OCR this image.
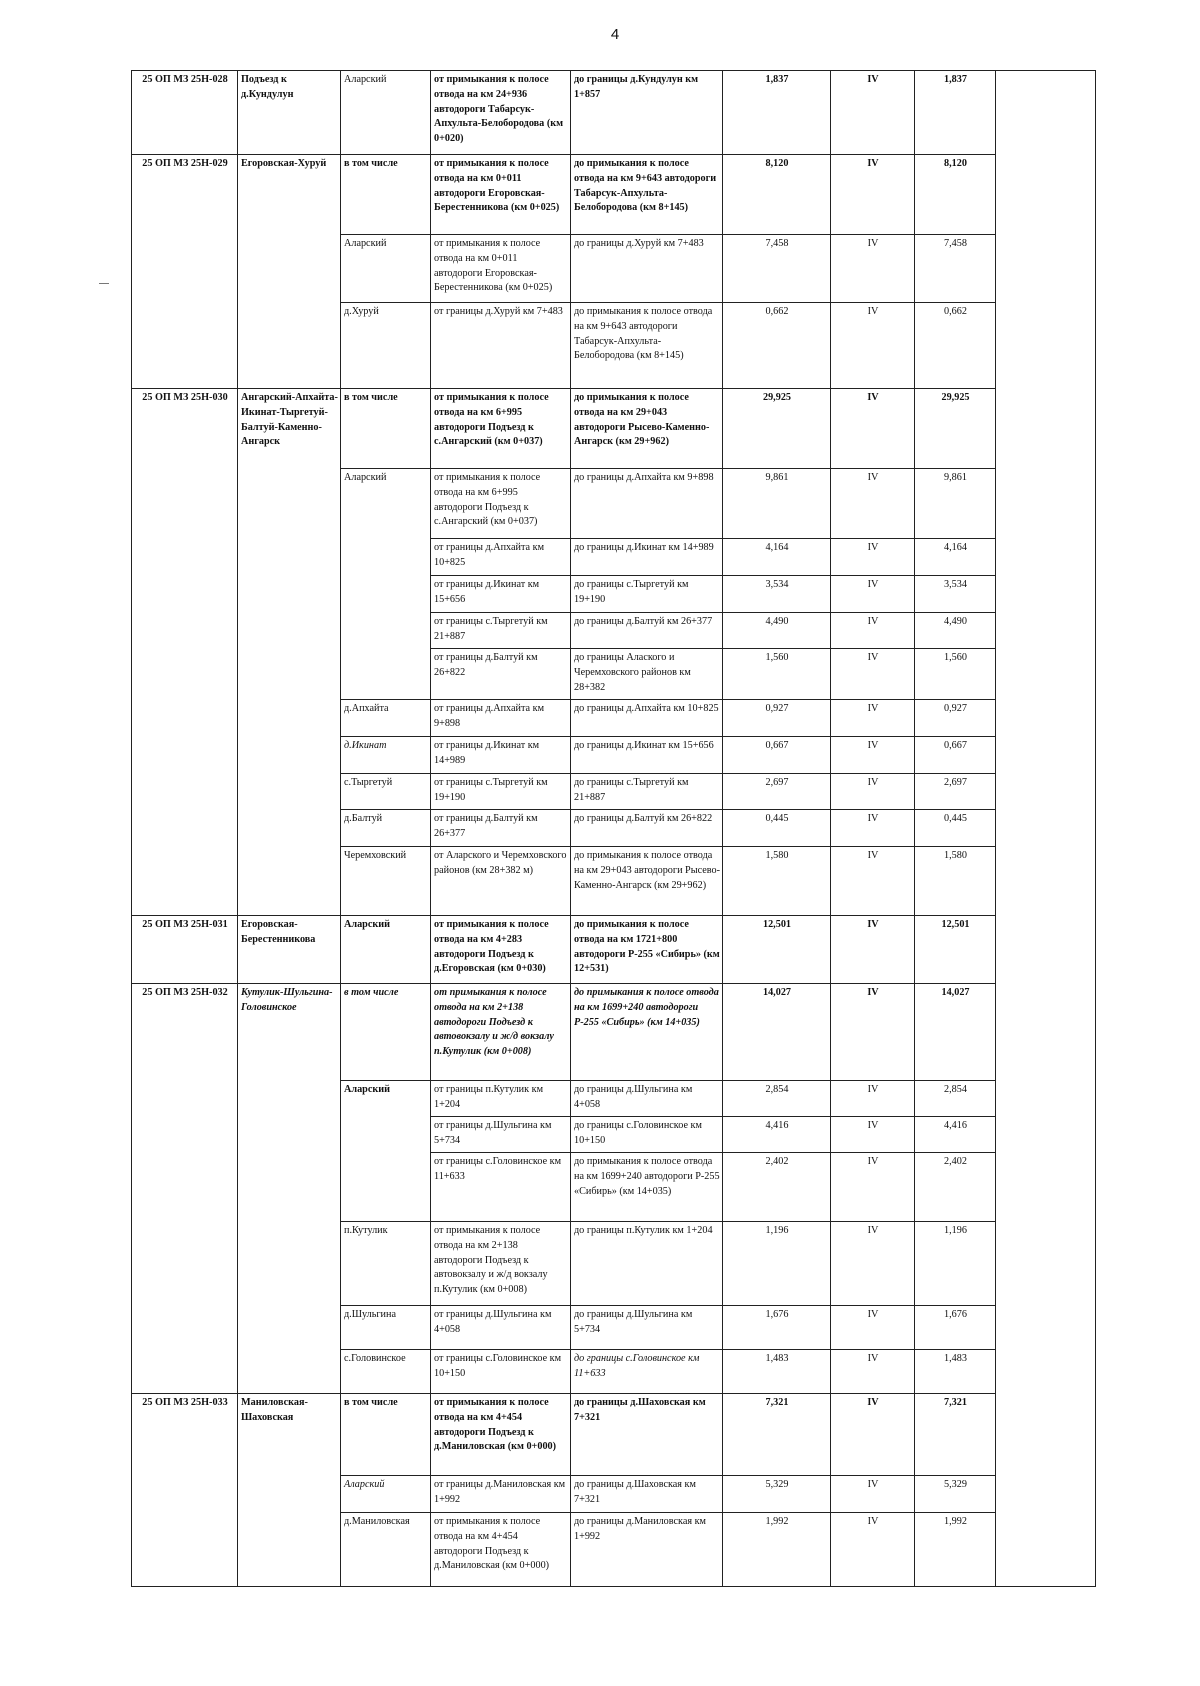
4
25 ОП МЗ 25Н-028	Подъезд к д.Кундулун	Аларский	от примыкания к полосе отвода на км 24+936 автодороги Табарсук-Апхульта-Белобородова (км 0+020)	до границы д.Кундулун км 1+857	1,837	IV	1,837	
25 ОП МЗ 25Н-029	Егоровская-Хуруй	в том числе	от примыкания к полосе отвода на км 0+011 автодороги Егоровская-Берестенникова (км 0+025)	до примыкания к полосе отвода на км 9+643 автодороги Табарсук-Апхульта-Белобородова (км 8+145)	8,120	IV	8,120	
		Аларский	от примыкания к полосе отвода на км 0+011 автодороги Егоровская-Берестенникова (км 0+025)	до границы д.Хуруй км 7+483	7,458	IV	7,458	
		д.Хуруй	от границы д.Хуруй км 7+483	до примыкания к полосе отвода на км 9+643 автодороги Табарсук-Апхульта-Белобородова (км 8+145)	0,662	IV	0,662	
25 ОП МЗ 25Н-030	Ангарский-Апхайта-Икинат-Тыргетуй-Балтуй-Каменно-Ангарск	в том числе	от примыкания к полосе отвода на км 6+995 автодороги Подъезд к с.Ангарский (км 0+037)	до примыкания к полосе отвода на км 29+043 автодороги Рысево-Каменно-Ангарск (км 29+962)	29,925	IV	29,925	
		Аларский	от примыкания к полосе отвода на км 6+995 автодороги Подъезд к с.Ангарский (км 0+037)	до границы д.Апхайта км 9+898	9,861	IV	9,861	
			от границы д.Апхайта км 10+825	до границы д.Икинат км 14+989	4,164	IV	4,164	
			от границы д.Икинат км 15+656	до границы с.Тыргетуй км 19+190	3,534	IV	3,534	
			от границы с.Тыргетуй км 21+887	до границы д.Балтуй км 26+377	4,490	IV	4,490	
			от границы д.Балтуй км 26+822	до границы Алаского и Черемховского районов км 28+382	1,560	IV	1,560	
		д.Апхайта	от границы д.Апхайта км 9+898	до границы д.Апхайта км 10+825	0,927	IV	0,927	
		д.Икинат	от границы д.Икинат км 14+989	до границы д.Икинат км 15+656	0,667	IV	0,667	
		с.Тыргетуй	от границы с.Тыргетуй км 19+190	до границы с.Тыргетуй км 21+887	2,697	IV	2,697	
		д.Балтуй	от границы д.Балтуй км 26+377	до границы д.Балтуй км 26+822	0,445	IV	0,445	
		Черемховский	от Аларского и Черемховского районов (км 28+382 м)	до примыкания к полосе отвода на км 29+043 автодороги Рысево-Каменно-Ангарск (км 29+962)	1,580	IV	1,580	
25 ОП МЗ 25Н-031	Егоровская-Берестенникова	Аларский	от примыкания к полосе отвода на км 4+283 автодороги Подъезд к д.Егоровская (км 0+030)	до примыкания к полосе отвода на км 1721+800 автодороги Р-255 «Сибирь» (км 12+531)	12,501	IV	12,501	
25 ОП МЗ 25Н-032	Кутулик-Шульгина-Головинское	в том числе	от примыкания к полосе отвода на км 2+138 автодороги Подъезд к автовокзалу и ж/д вокзалу п.Кутулик (км 0+008)	до примыкания к полосе отвода на км 1699+240 автодороги Р-255 «Сибирь» (км 14+035)	14,027	IV	14,027	
		Аларский	от границы п.Кутулик км 1+204	до границы д.Шульгина км 4+058	2,854	IV	2,854	
			от границы д.Шульгина км 5+734	до границы с.Головинское км 10+150	4,416	IV	4,416	
			от границы с.Головинское км 11+633	до примыкания к полосе отвода на км 1699+240 автодороги Р-255 «Сибирь» (км 14+035)	2,402	IV	2,402	
		п.Кутулик	от примыкания к полосе отвода на км 2+138 автодороги Подъезд к автовокзалу и ж/д вокзалу п.Кутулик (км 0+008)	до границы п.Кутулик км 1+204	1,196	IV	1,196	
		д.Шульгина	от границы д.Шульгина км 4+058	до границы д.Шульгина км 5+734	1,676	IV	1,676	
		с.Головинское	от границы с.Головинское км 10+150	до границы с.Головинское км 11+633	1,483	IV	1,483	
25 ОП МЗ 25Н-033	Маниловская-Шаховская	в том числе	от примыкания к полосе отвода на км 4+454 автодороги Подъезд к д.Маниловская (км 0+000)	до границы д.Шаховская км 7+321	7,321	IV	7,321	
		Аларский	от границы д.Маниловская км 1+992	до границы д.Шаховская км 7+321	5,329	IV	5,329	
		д.Маниловская	от примыкания к полосе отвода на км 4+454 автодороги Подъезд к д.Маниловская (км 0+000)	до границы д.Маниловская км 1+992	1,992	IV	1,992	
